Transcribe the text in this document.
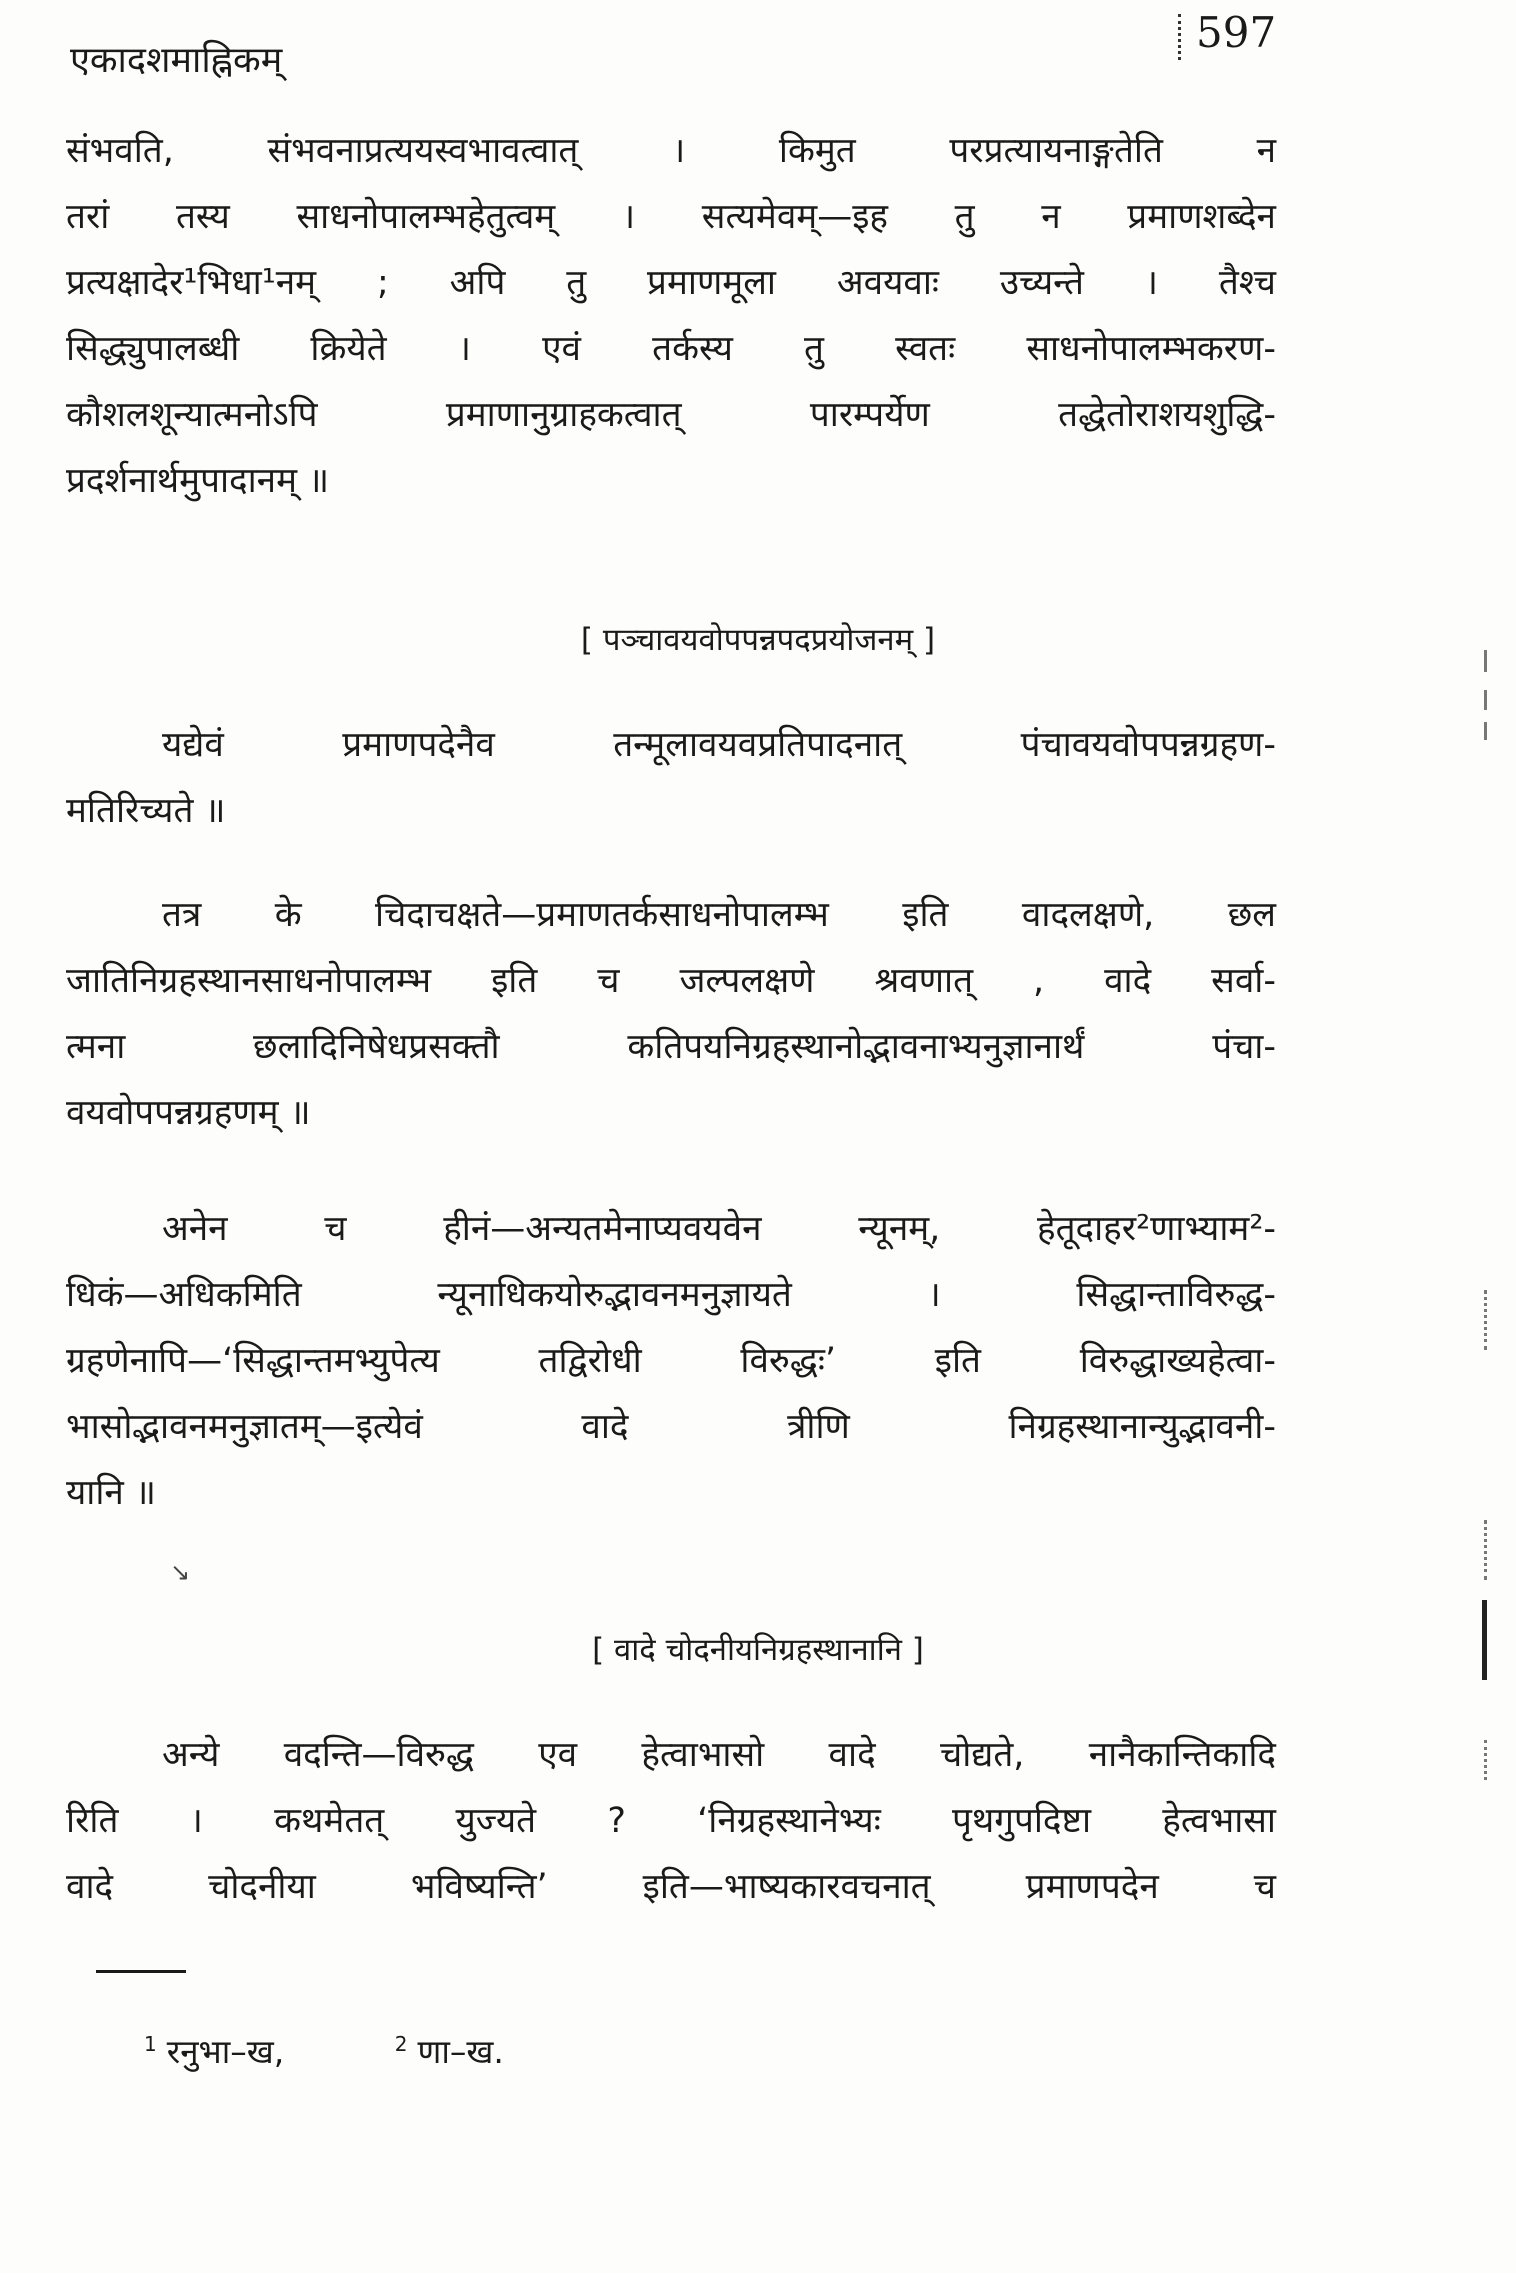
एकादशमाह्निकम्
597
संभवति, संभवनाप्रत्ययस्वभावत्वात् । किमुत परप्रत्यायनाङ्गतेति न
तरां तस्य साधनोपालम्भहेतुत्वम् । सत्यमेवम्—इह तु न प्रमाणशब्देन
प्रत्यक्षादेर¹भिधा¹नम् ; अपि तु प्रमाणमूला अवयवाः उच्यन्ते । तैश्च
सिद्ध्युपालब्धी क्रियेते । एवं तर्कस्य तु स्वतः साधनोपालम्भकरण-
कौशलशून्यात्मनोऽपि प्रमाणानुग्राहकत्वात् पारम्पर्येण तद्धेतोराशयशुद्धि-
प्रदर्शनार्थमुपादानम् ॥
[ पञ्चावयवोपपन्नपदप्रयोजनम् ]
यद्येवं प्रमाणपदेनैव तन्मूलावयवप्रतिपादनात् पंचावयवोपपन्नग्रहण-
मतिरिच्यते ॥
तत्र के चिदाचक्षते—प्रमाणतर्कसाधनोपालम्भ इति वादलक्षणे, छल
जातिनिग्रहस्थानसाधनोपालम्भ इति च जल्पलक्षणे श्रवणात् , वादे सर्वा-
त्मना छलादिनिषेधप्रसक्तौ कतिपयनिग्रहस्थानोद्भावनाभ्यनुज्ञानार्थं पंचा-
वयवोपपन्नग्रहणम् ॥
अनेन च हीनं—अन्यतमेनाप्यवयवेन न्यूनम्, हेतूदाहर²णाभ्याम²-
धिकं—अधिकमिति न्यूनाधिकयोरुद्भावनमनुज्ञायते । सिद्धान्ताविरुद्ध-
ग्रहणेनापि—‘सिद्धान्तमभ्युपेत्य तद्विरोधी विरुद्धः’ इति विरुद्धाख्यहेत्वा-
भासोद्भावनमनुज्ञातम्—इत्येवं वादे त्रीणि निग्रहस्थानान्युद्भावनी-
यानि ॥
↘
[ वादे चोदनीयनिग्रहस्थानानि ]
अन्ये वदन्ति—विरुद्ध एव हेत्वाभासो वादे चोद्यते, नानैकान्तिकादि
रिति । कथमेतत् युज्यते ? ‘निग्रहस्थानेभ्यः पृथगुपदिष्टा हेत्वभासा
वादे चोदनीया भविष्यन्ति’ इति—भाष्यकारवचनात् प्रमाणपदेन च
$^1$ रनुभा–ख,	$^2$ णा–ख.
